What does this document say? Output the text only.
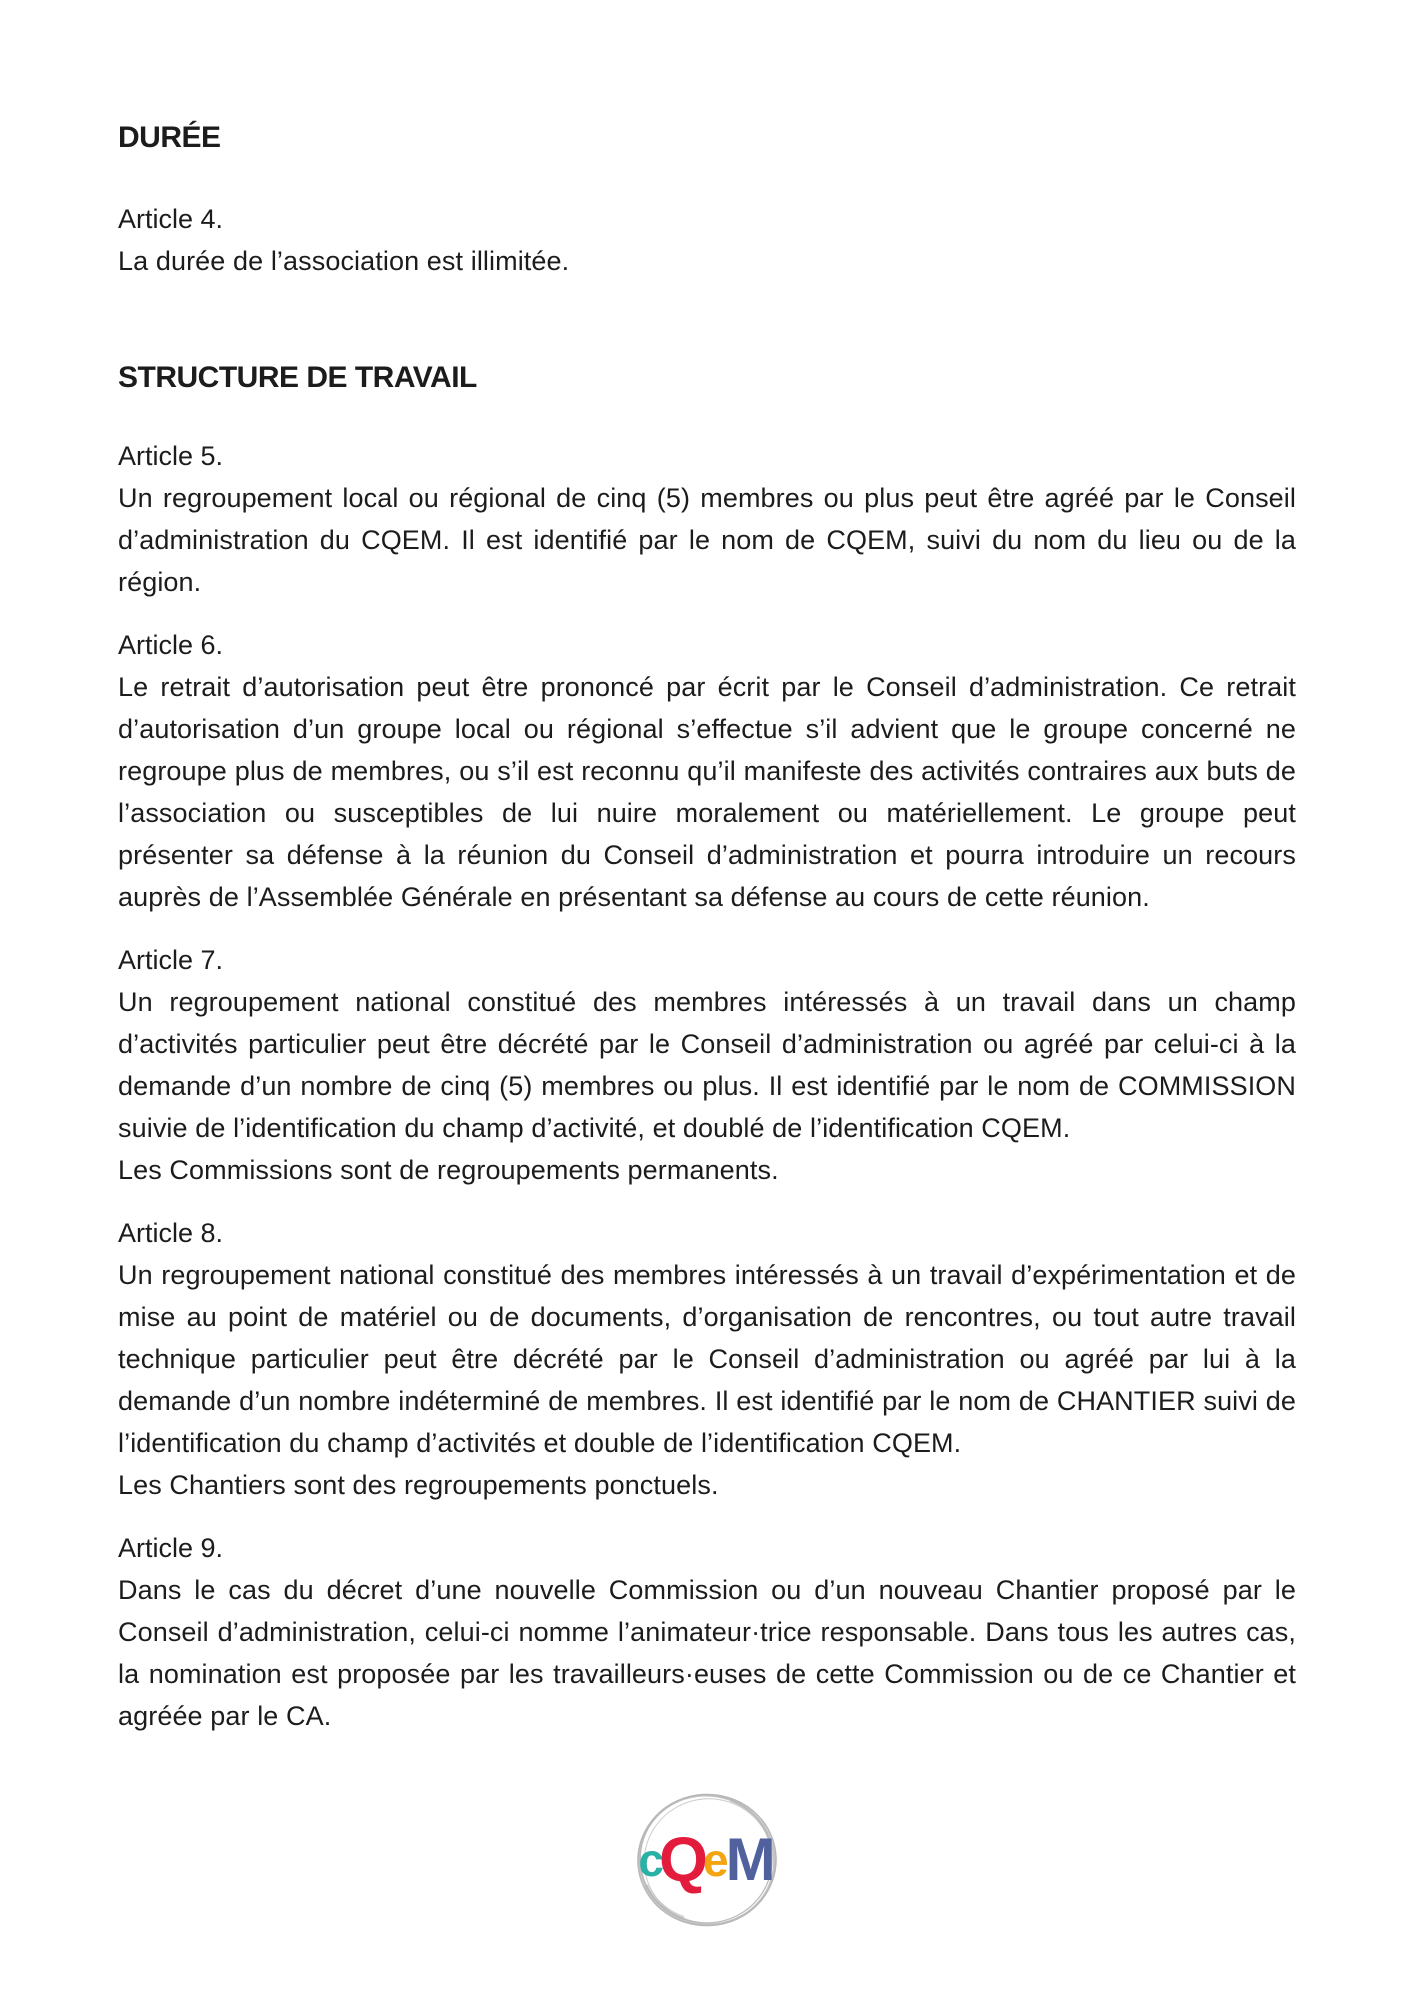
DURÉE

Article 4.

La durée de l’association est illimitée.

STRUCTURE DE TRAVAIL

Article 5.

Un regroupement local ou régional de cinq (5) membres ou plus peut être agréé par le Conseil d’administration du CQEM. Il est identifié par le nom de CQEM, suivi du nom du lieu ou de la région.

Article 6.

Le retrait d’autorisation peut être prononcé par écrit par le Conseil d’administration. Ce retrait d’autorisation d’un groupe local ou régional s’effectue s’il advient que le groupe concerné ne regroupe plus de membres, ou s’il est reconnu qu’il manifeste des activités contraires aux buts de l’association ou susceptibles de lui nuire moralement ou matériellement. Le groupe peut présenter sa défense à la réunion du Conseil d’administration et pourra introduire un recours auprès de l’Assemblée Générale en présentant sa défense au cours de cette réunion.

Article 7.

Un regroupement national constitué des membres intéressés à un travail dans un champ d’activités particulier peut être décrété par le Conseil d’administration ou agréé par celui-ci à la demande d’un nombre de cinq (5) membres ou plus. Il est identifié par le nom de COMMISSION suivie de l’identification du champ d’activité, et doublé de l’identification CQEM.

Les Commissions sont de regroupements permanents.

Article 8.

Un regroupement national constitué des membres intéressés à un travail d’expérimentation et de mise au point de matériel ou de documents, d’organisation de rencontres, ou tout autre travail technique particulier peut être décrété par le Conseil d’administration ou agréé par lui à la demande d’un nombre indéterminé de membres. Il est identifié par le nom de CHANTIER suivi de l’identification du champ d’activités et double de l’identification CQEM.

Les Chantiers sont des regroupements ponctuels.

Article 9.

Dans le cas du décret d’une nouvelle Commission ou d’un nouveau Chantier proposé par le Conseil d’administration, celui-ci nomme l’animateur·trice responsable. Dans tous les autres cas, la nomination est proposée par les travailleurs·euses de cette Commission ou de ce Chantier et agréée par le CA.

c
Q
e
M
